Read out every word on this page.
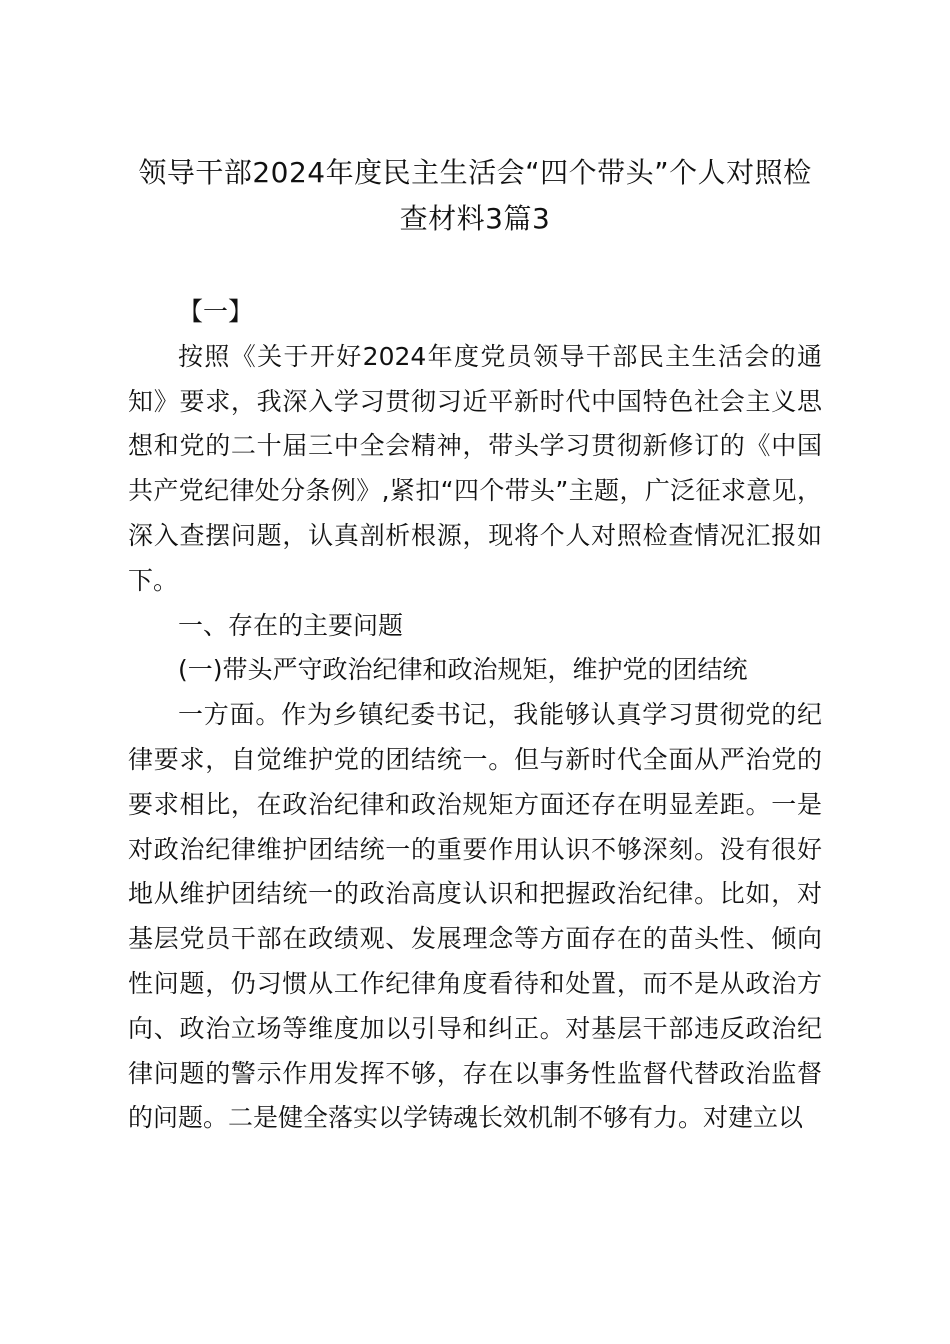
领导干部2024年度民主生活会“四个带头”个人对照检查材料3篇3

【一】

按照《关于开好2024年度党员领导干部民主生活会的通知》要求，我深入学习贯彻习近平新时代中国特色社会主义思想和党的二十届三中全会精神，带头学习贯彻新修订的《中国共产党纪律处分条例》,紧扣“四个带头”主题，广泛征求意见，深入查摆问题，认真剖析根源，现将个人对照检查情况汇报如下。

一、存在的主要问题

(一)带头严守政治纪律和政治规矩，维护党的团结统

一方面。作为乡镇纪委书记，我能够认真学习贯彻党的纪律要求，自觉维护党的团结统一。但与新时代全面从严治党的要求相比，在政治纪律和政治规矩方面还存在明显差距。一是对政治纪律维护团结统一的重要作用认识不够深刻。没有很好地从维护团结统一的政治高度认识和把握政治纪律。比如，对基层党员干部在政绩观、发展理念等方面存在的苗头性、倾向性问题，仍习惯从工作纪律角度看待和处置，而不是从政治方向、政治立场等维度加以引导和纠正。对基层干部违反政治纪律问题的警示作用发挥不够，存在以事务性监督代替政治监督的问题。二是健全落实以学铸魂长效机制不够有力。对建立以
